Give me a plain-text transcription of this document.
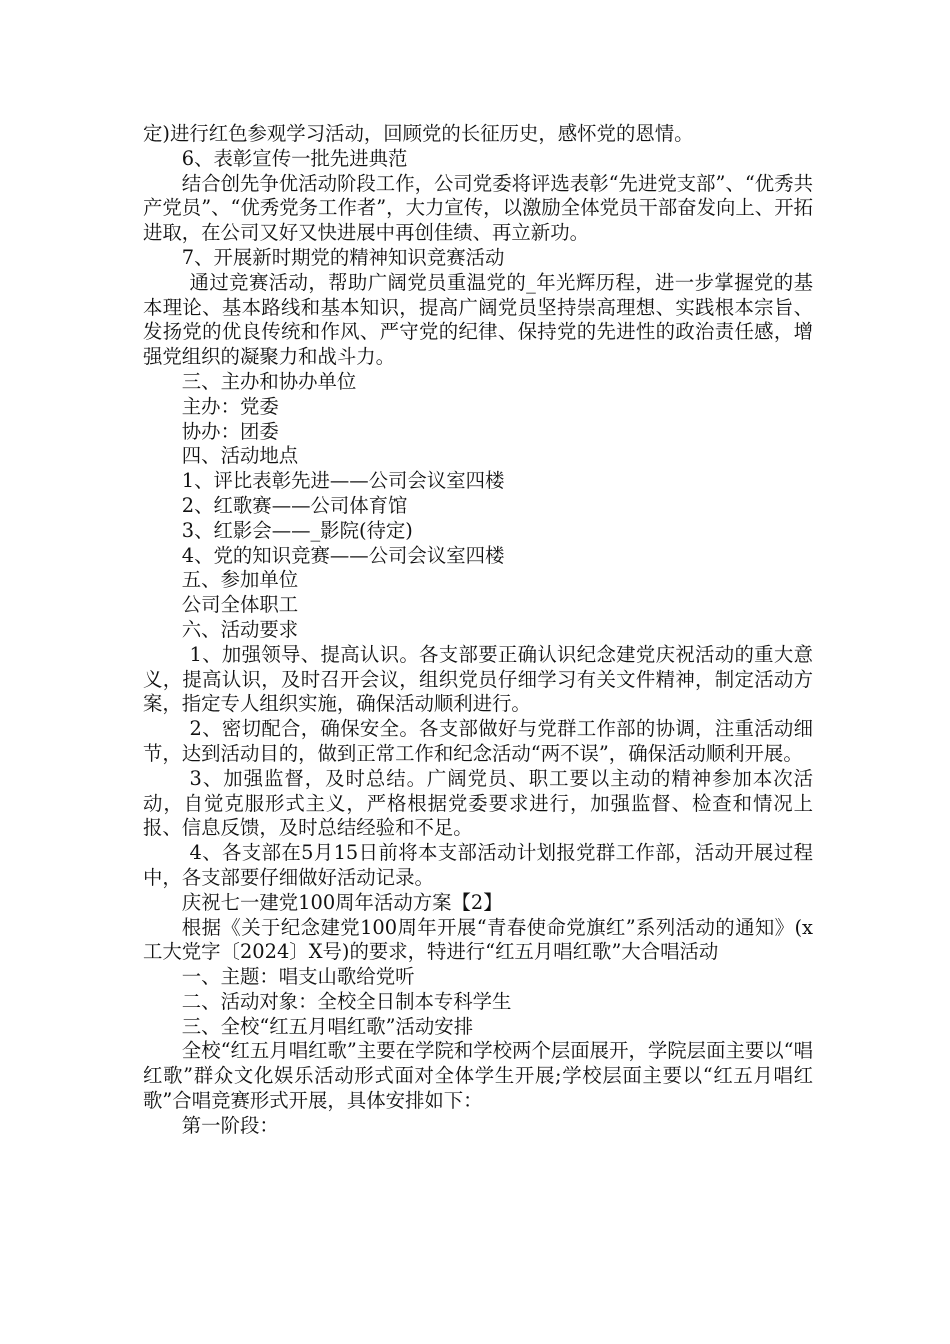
定)进行红色参观学习活动，回顾党的长征历史，感怀党的恩情。

6、表彰宣传一批先进典范

结合创先争优活动阶段工作，公司党委将评选表彰“先进党支部”、“优秀共产党员”、“优秀党务工作者”，大力宣传，以激励全体党员干部奋发向上、开拓进取，在公司又好又快进展中再创佳绩、再立新功。

7、开展新时期党的精神知识竞赛活动

通过竞赛活动，帮助广阔党员重温党的_年光辉历程，进一步掌握党的基本理论、基本路线和基本知识，提高广阔党员坚持崇高理想、实践根本宗旨、发扬党的优良传统和作风、严守党的纪律、保持党的先进性的政治责任感，增强党组织的凝聚力和战斗力。

三、主办和协办单位

主办：党委

协办：团委

四、活动地点

1、评比表彰先进——公司会议室四楼

2、红歌赛——公司体育馆

3、红影会——_影院(待定)

4、党的知识竞赛——公司会议室四楼

五、参加单位

公司全体职工

六、活动要求

1、加强领导、提高认识。各支部要正确认识纪念建党庆祝活动的重大意义，提高认识，及时召开会议，组织党员仔细学习有关文件精神，制定活动方案，指定专人组织实施，确保活动顺利进行。

2、密切配合，确保安全。各支部做好与党群工作部的协调，注重活动细节，达到活动目的，做到正常工作和纪念活动“两不误”，确保活动顺利开展。

3、加强监督，及时总结。广阔党员、职工要以主动的精神参加本次活动，自觉克服形式主义，严格根据党委要求进行，加强监督、检查和情况上报、信息反馈，及时总结经验和不足。

4、各支部在5月15日前将本支部活动计划报党群工作部，活动开展过程中，各支部要仔细做好活动记录。

庆祝七一建党100周年活动方案【2】

根据《关于纪念建党100周年开展“青春使命党旗红”系列活动的通知》(x工大党字〔2024〕X号)的要求，特进行“红五月唱红歌”大合唱活动

一、主题：唱支山歌给党听

二、活动对象：全校全日制本专科学生

三、全校“红五月唱红歌”活动安排

全校“红五月唱红歌”主要在学院和学校两个层面展开，学院层面主要以“唱红歌”群众文化娱乐活动形式面对全体学生开展;学校层面主要以“红五月唱红歌”合唱竞赛形式开展，具体安排如下：

第一阶段：
